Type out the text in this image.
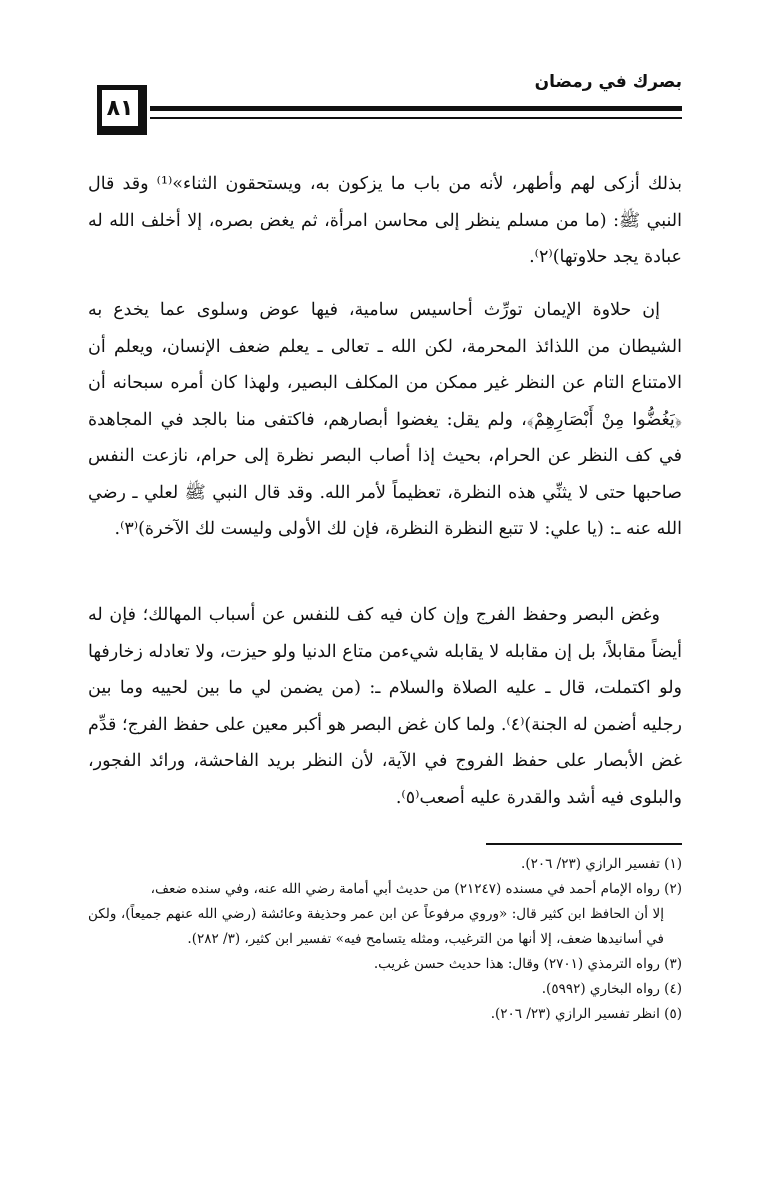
٨١
بصرك في رمضان

بذلك أزكى لهم وأطهر، لأنه من باب ما يزكون به، ويستحقون الثناء»⁽¹⁾ وقد قال النبي ﷺ: (ما من مسلم ينظر إلى محاسن امرأة، ثم يغض بصره، إلا أخلف الله له عبادة يجد حلاوتها)⁽٢⁾.

إن حلاوة الإيمان تورِّث أحاسيس سامية، فيها عوض وسلوى عما يخدع به الشيطان من اللذائذ المحرمة، لكن الله ـ تعالى ـ يعلم ضعف الإنسان، ويعلم أن الامتناع التام عن النظر غير ممكن من المكلف البصير، ولهذا كان أمره سبحانه أن ﴿يَغُضُّوا مِنْ أَبْصَارِهِمْ﴾، ولم يقل: يغضوا أبصارهم، فاكتفى منا بالجد في المجاهدة في كف النظر عن الحرام، بحيث إذا أصاب البصر نظرة إلى حرام، نازعت النفس صاحبها حتى لا يثنِّي هذه النظرة، تعظيماً لأمر الله. وقد قال النبي ﷺ لعلي ـ رضي الله عنه ـ: (يا علي: لا تتبع النظرة النظرة، فإن لك الأولى وليست لك الآخرة)⁽٣⁾.

وغض البصر وحفظ الفرج وإن كان فيه كف للنفس عن أسباب المهالك؛ فإن له أيضاً مقابلاً، بل إن مقابله لا يقابله شيءمن متاع الدنيا ولو حيزت، ولا تعادله زخارفها ولو اكتملت، قال ـ عليه الصلاة والسلام ـ: (من يضمن لي ما بين لحييه وما بين رجليه أضمن له الجنة)⁽٤⁾. ولما كان غض البصر هو أكبر معين على حفظ الفرج؛ قدِّم غض الأبصار على حفظ الفروج في الآية، لأن النظر بريد الفاحشة، ورائد الفجور، والبلوى فيه أشد والقدرة عليه أصعب⁽٥⁾.

(١) تفسير الرازي (٢٣/ ٢٠٦).

(٢) رواه الإمام أحمد في مسنده (٢١٢٤٧) من حديث أبي أمامة رضي الله عنه، وفي سنده ضعف،

إلا أن الحافظ ابن كثير قال: «وروي مرفوعاً عن ابن عمر وحذيفة وعائشة (رضي الله عنهم جميعاً)، ولكن في أسانيدها ضعف، إلا أنها من الترغيب، ومثله يتسامح فيه» تفسير ابن كثير، (٣/ ٢٨٢).

(٣) رواه الترمذي (٢٧٠١) وقال: هذا حديث حسن غريب.

(٤) رواه البخاري (٥٩٩٢).

(٥) انظر تفسير الرازي (٢٣/ ٢٠٦).
